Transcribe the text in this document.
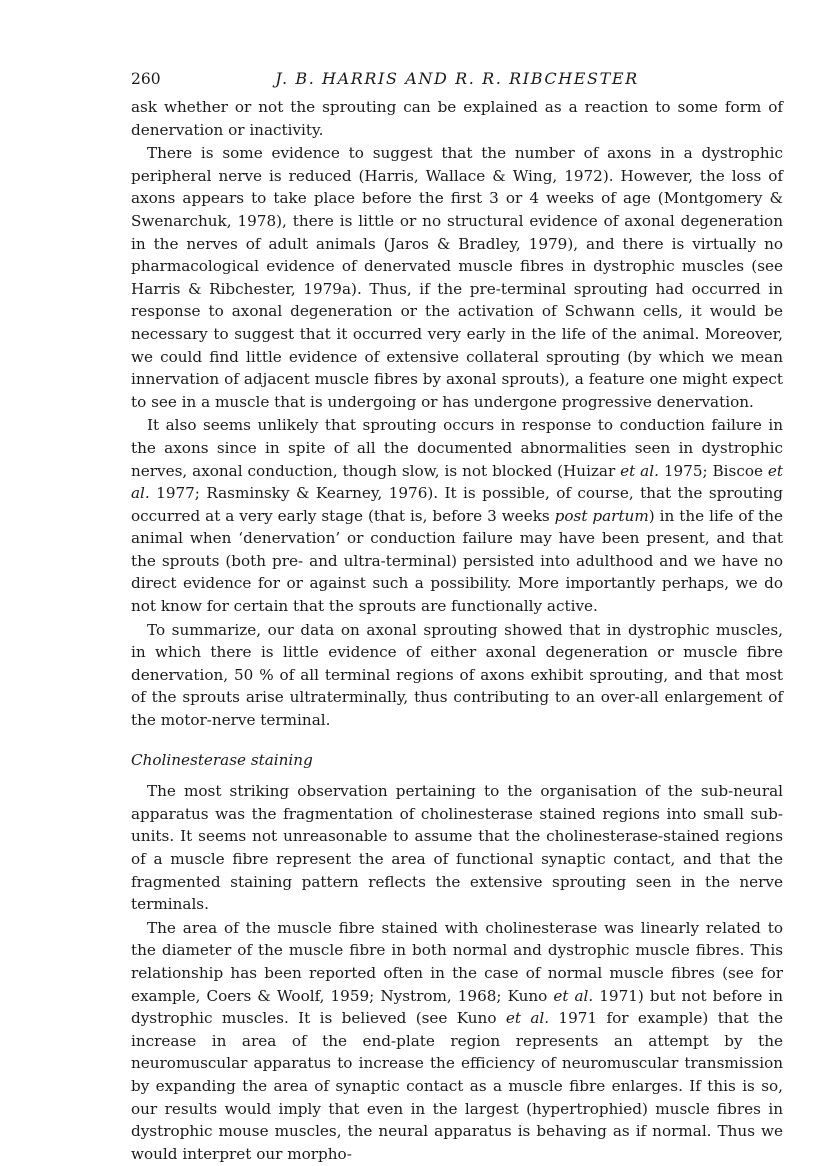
260	J. B. HARRIS AND R. R. RIBCHESTER

ask whether or not the sprouting can be explained as a reaction to some form of denervation or inactivity.

There is some evidence to suggest that the number of axons in a dystrophic peripheral nerve is reduced (Harris, Wallace & Wing, 1972). However, the loss of axons appears to take place before the first 3 or 4 weeks of age (Montgomery & Swenarchuk, 1978), there is little or no structural evidence of axonal degeneration in the nerves of adult animals (Jaros & Bradley, 1979), and there is virtually no pharmacological evidence of denervated muscle fibres in dystrophic muscles (see Harris & Ribchester, 1979a). Thus, if the pre-terminal sprouting had occurred in response to axonal degeneration or the activation of Schwann cells, it would be necessary to suggest that it occurred very early in the life of the animal. Moreover, we could find little evidence of extensive collateral sprouting (by which we mean innervation of adjacent muscle fibres by axonal sprouts), a feature one might expect to see in a muscle that is undergoing or has undergone progressive denervation.

It also seems unlikely that sprouting occurs in response to conduction failure in the axons since in spite of all the documented abnormalities seen in dystrophic nerves, axonal conduction, though slow, is not blocked (Huizar et al. 1975; Biscoe et al. 1977; Rasminsky & Kearney, 1976). It is possible, of course, that the sprouting occurred at a very early stage (that is, before 3 weeks post partum) in the life of the animal when ‘denervation’ or conduction failure may have been present, and that the sprouts (both pre- and ultra-terminal) persisted into adulthood and we have no direct evidence for or against such a possibility. More importantly perhaps, we do not know for certain that the sprouts are functionally active.

To summarize, our data on axonal sprouting showed that in dystrophic muscles, in which there is little evidence of either axonal degeneration or muscle fibre denervation, 50 % of all terminal regions of axons exhibit sprouting, and that most of the sprouts arise ultraterminally, thus contributing to an over-all enlargement of the motor-nerve terminal.

Cholinesterase staining

The most striking observation pertaining to the organisation of the sub-neural apparatus was the fragmentation of cholinesterase stained regions into small sub-units. It seems not unreasonable to assume that the cholinesterase-stained regions of a muscle fibre represent the area of functional synaptic contact, and that the fragmented staining pattern reflects the extensive sprouting seen in the nerve terminals.

The area of the muscle fibre stained with cholinesterase was linearly related to the diameter of the muscle fibre in both normal and dystrophic muscle fibres. This relationship has been reported often in the case of normal muscle fibres (see for example, Coers & Woolf, 1959; Nystrom, 1968; Kuno et al. 1971) but not before in dystrophic muscles. It is believed (see Kuno et al. 1971 for example) that the increase in area of the end-plate region represents an attempt by the neuromuscular apparatus to increase the efficiency of neuromuscular transmission by expanding the area of synaptic contact as a muscle fibre enlarges. If this is so, our results would imply that even in the largest (hypertrophied) muscle fibres in dystrophic mouse muscles, the neural apparatus is behaving as if normal. Thus we would interpret our morpho-
